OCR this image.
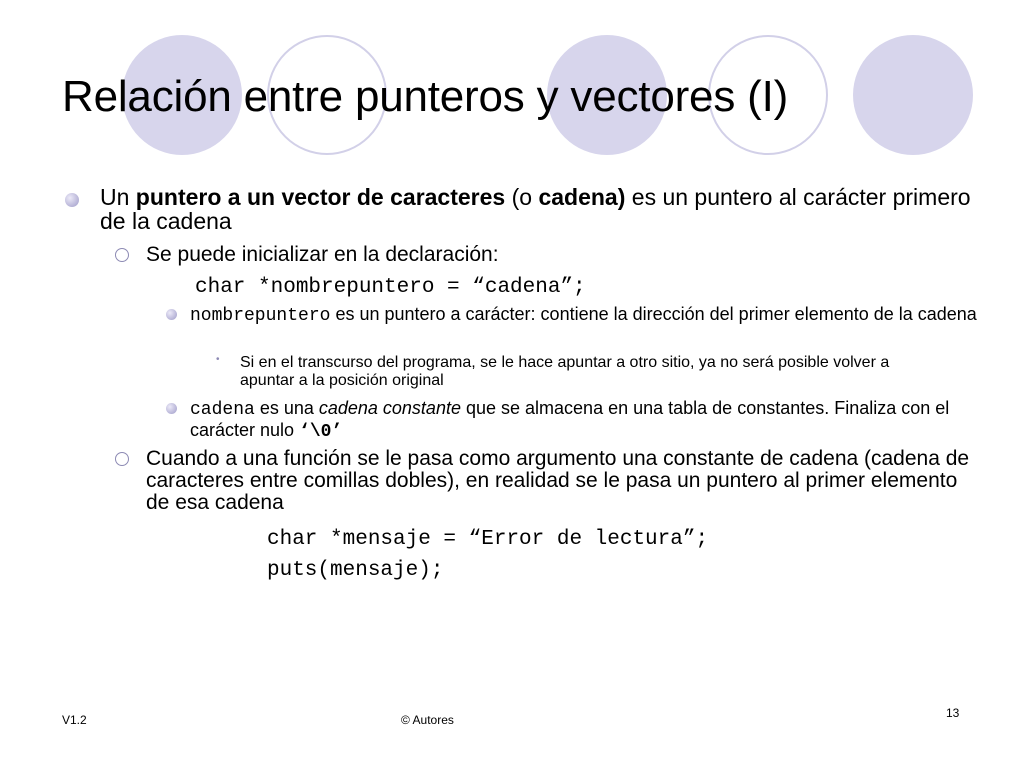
Relación entre punteros y vectores (I)

Un puntero a un vector de caracteres (o cadena) es un puntero al carácter primero de la cadena

Se puede inicializar en la declaración:

char *nombrepuntero = “cadena”;

nombrepuntero es un puntero a carácter: contiene la dirección del primer elemento de la cadena

• Si en el transcurso del programa, se le hace apuntar a otro sitio, ya no será posible volver a apuntar a la posición original

cadena es una cadena constante que se almacena en una tabla de constantes. Finaliza con el carácter nulo ‘\0’

Cuando a una función se le pasa como argumento una constante de cadena (cadena de caracteres entre comillas dobles), en realidad se le pasa un puntero al primer elemento de esa cadena

char *mensaje = “Error de lectura”;
puts(mensaje);
V1.2	© Autores	13
